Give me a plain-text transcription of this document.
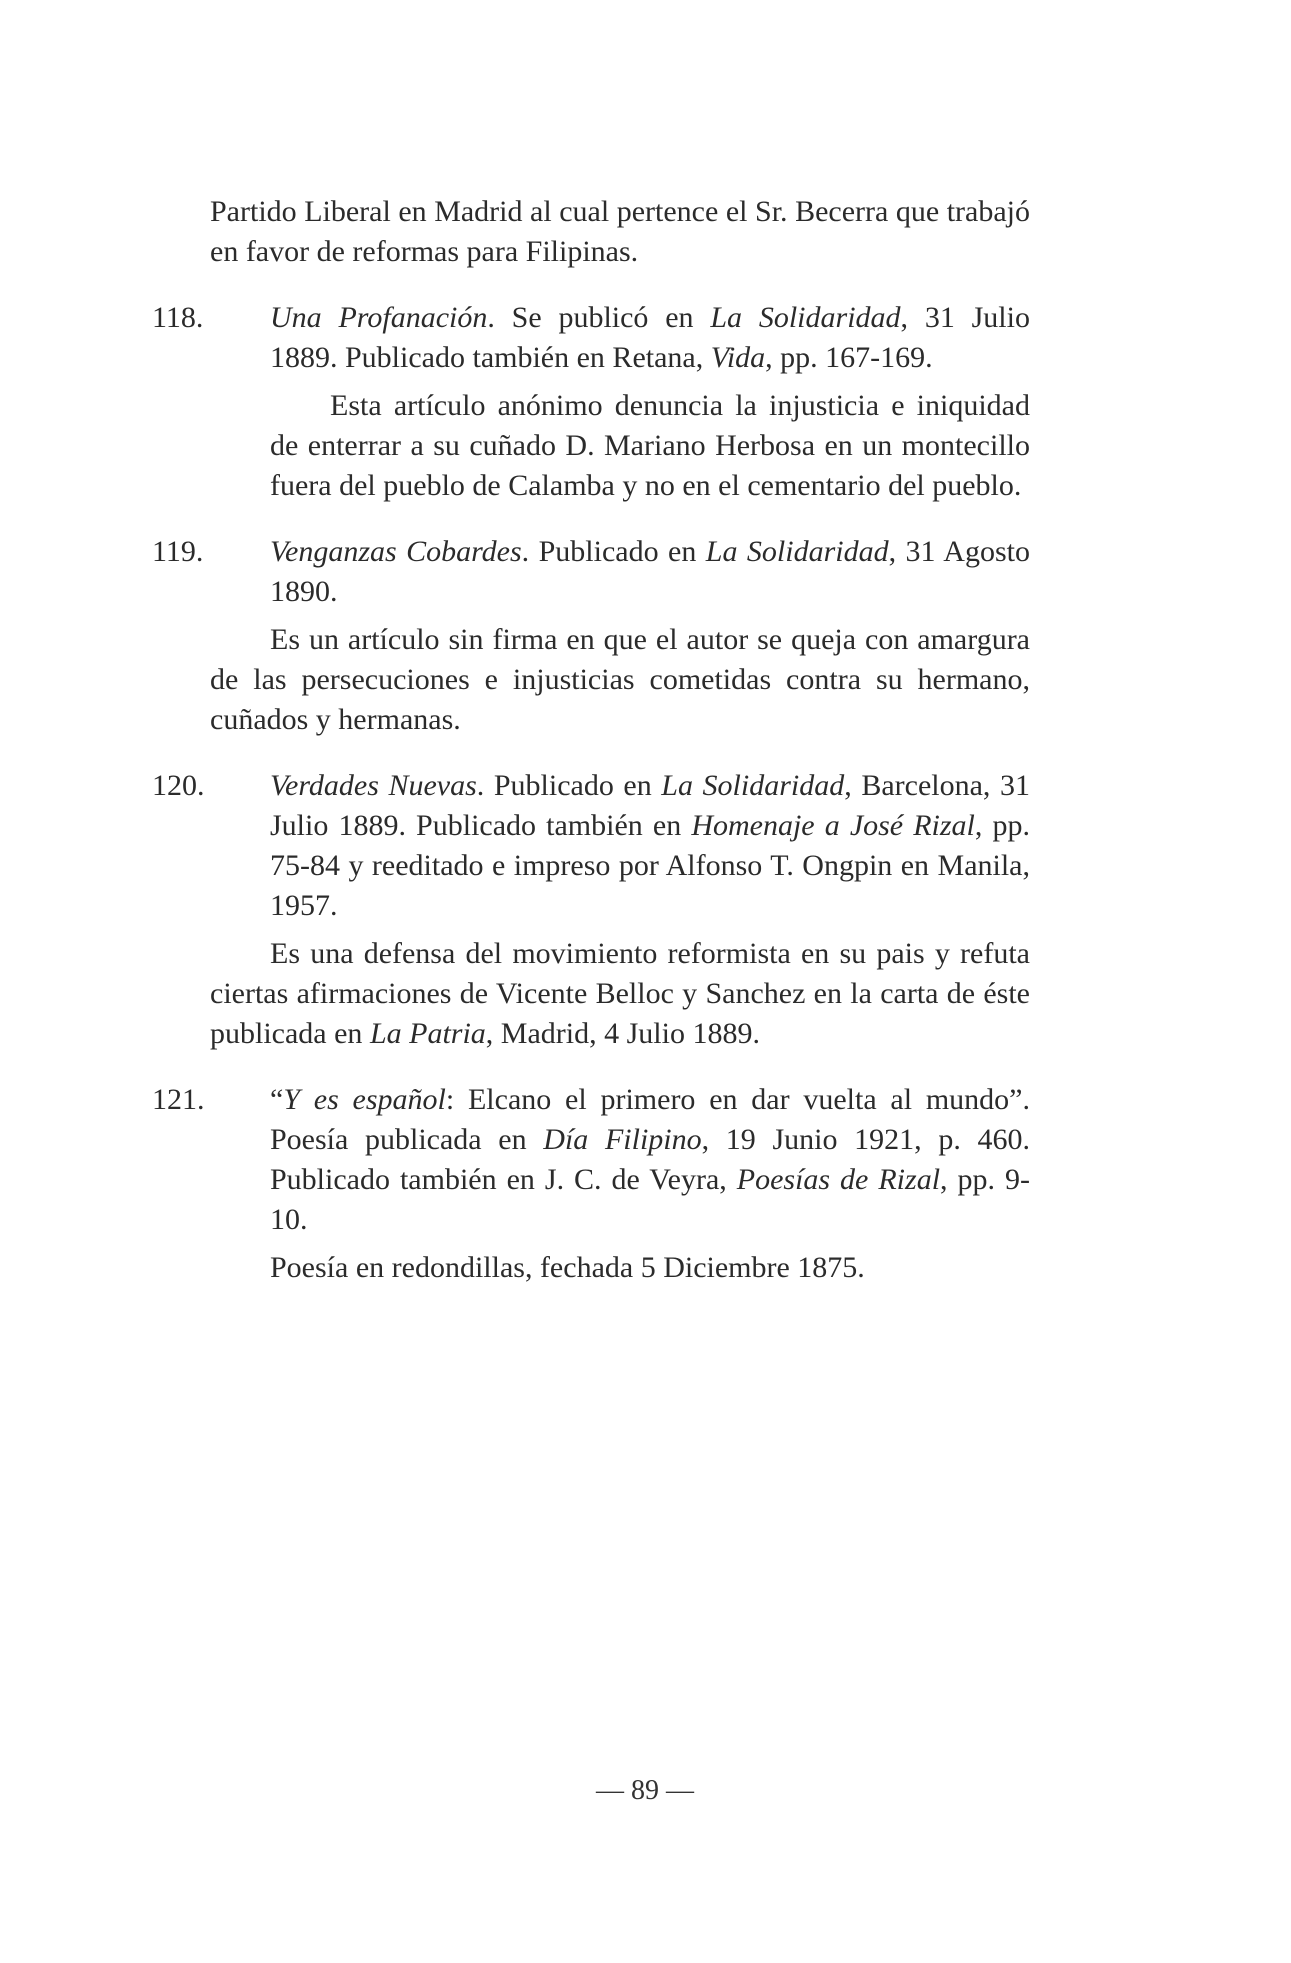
Partido Liberal en Madrid al cual pertence el Sr. Becerra que trabajó en favor de reformas para Filipinas.

118. Una Profanación. Se publicó en La Solidaridad, 31 Julio 1889. Publicado también en Retana, Vida, pp. 167-169.

Esta artículo anónimo denuncia la injusticia e iniquidad de enterrar a su cuñado D. Mariano Herbosa en un montecillo fuera del pueblo de Calamba y no en el cementario del pueblo.

119. Venganzas Cobardes. Publicado en La Solidaridad, 31 Agosto 1890.

Es un artículo sin firma en que el autor se queja con amargura de las persecuciones e injusticias cometidas contra su hermano, cuñados y hermanas.

120. Verdades Nuevas. Publicado en La Solidaridad, Barcelona, 31 Julio 1889. Publicado también en Homenaje a José Rizal, pp. 75-84 y reeditado e impreso por Alfonso T. Ongpin en Manila, 1957.

Es una defensa del movimiento reformista en su pais y refuta ciertas afirmaciones de Vicente Belloc y Sanchez en la carta de éste publicada en La Patria, Madrid, 4 Julio 1889.

121. “Y es español: Elcano el primero en dar vuelta al mundo”. Poesía publicada en Día Filipino, 19 Junio 1921, p. 460. Publicado también en J. C. de Veyra, Poesías de Rizal, pp. 9-10.

Poesía en redondillas, fechada 5 Diciembre 1875.

— 89 —
